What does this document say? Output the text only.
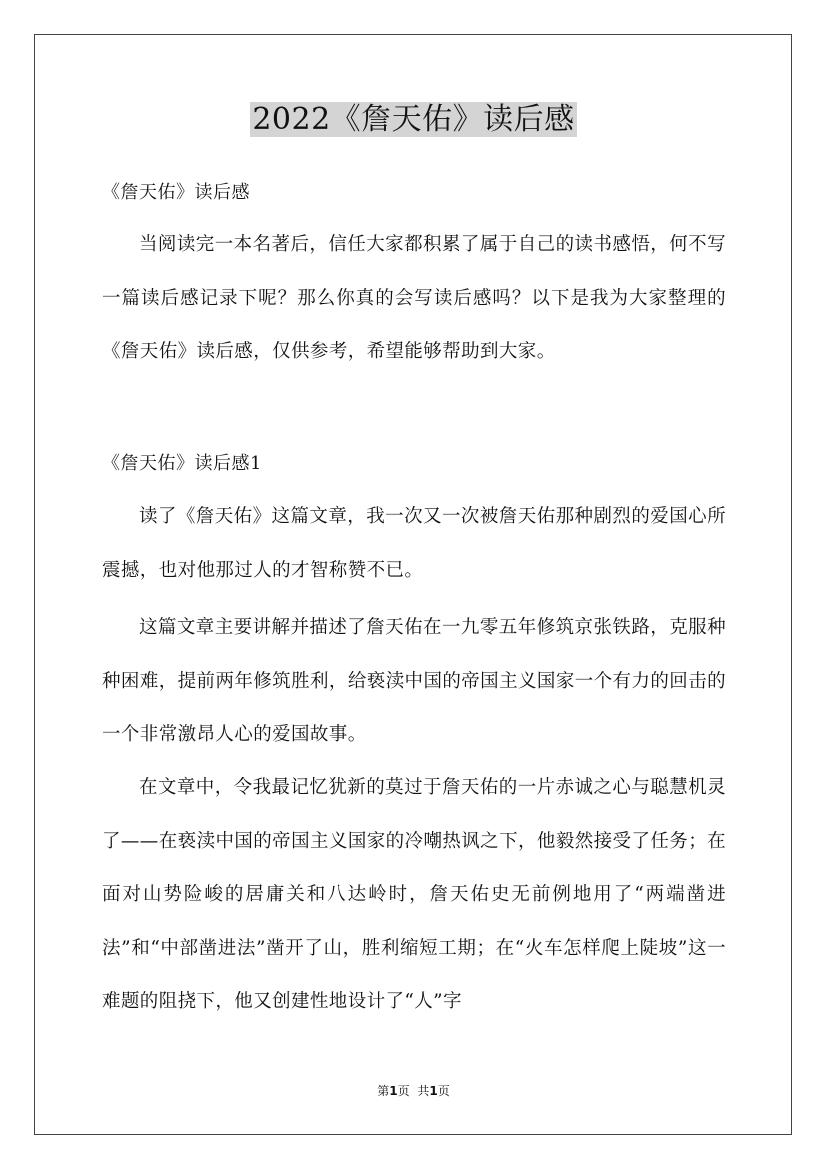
2022《詹天佑》读后感
《詹天佑》读后感
当阅读完一本名著后，信任大家都积累了属于自己的读书感悟，何不写一篇读后感记录下呢？那么你真的会写读后感吗？以下是我为大家整理的《詹天佑》读后感，仅供参考，希望能够帮助到大家。
《詹天佑》读后感1
读了《詹天佑》这篇文章，我一次又一次被詹天佑那种剧烈的爱国心所震撼，也对他那过人的才智称赞不已。
这篇文章主要讲解并描述了詹天佑在一九零五年修筑京张铁路，克服种种困难，提前两年修筑胜利，给亵渎中国的帝国主义国家一个有力的回击的一个非常激昂人心的爱国故事。
在文章中，令我最记忆犹新的莫过于詹天佑的一片赤诚之心与聪慧机灵了——在亵渎中国的帝国主义国家的冷嘲热讽之下，他毅然接受了任务；在面对山势险峻的居庸关和八达岭时，詹天佑史无前例地用了“两端凿进法”和“中部凿进法”凿开了山，胜利缩短工期；在“火车怎样爬上陡坡”这一难题的阻挠下，他又创建性地设计了“人”字
第1页 共1页
